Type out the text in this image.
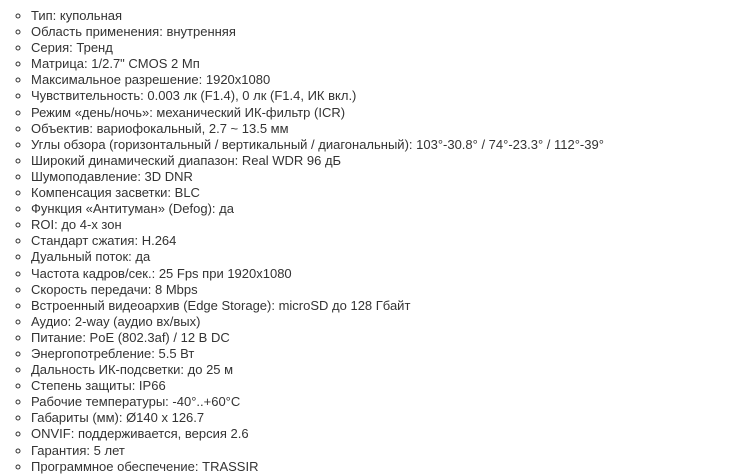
◦ Тип: купольная
◦ Область применения: внутренняя
◦ Серия: Тренд
◦ Матрица: 1/2.7" CMOS 2 Мп
◦ Максимальное разрешение: 1920x1080
◦ Чувствительность: 0.003 лк (F1.4), 0 лк (F1.4, ИК вкл.)
◦ Режим «день/ночь»: механический ИК-фильтр (ICR)
◦ Объектив: вариофокальный, 2.7 ~ 13.5 мм
◦ Углы обзора (горизонтальный / вертикальный / диагональный): 103°-30.8° / 74°-23.3° / 112°-39°
◦ Широкий динамический диапазон: Real WDR 96 дБ
◦ Шумоподавление: 3D DNR
◦ Компенсация засветки: BLC
◦ Функция «Антитуман» (Defog): да
◦ ROI: до 4-х зон
◦ Стандарт сжатия: H.264
◦ Дуальный поток: да
◦ Частота кадров/сек.: 25 Fps при 1920x1080
◦ Скорость передачи: 8 Mbps
◦ Встроенный видеоархив (Edge Storage): microSD до 128 Гбайт
◦ Аудио: 2-way (аудио вх/вых)
◦ Питание: PoE (802.3af) / 12 В DC
◦ Энергопотребление: 5.5 Вт
◦ Дальность ИК-подсветки: до 25 м
◦ Степень защиты: IP66
◦ Рабочие температуры: -40°..+60°C
◦ Габариты (мм): Ø140 x 126.7
◦ ONVIF: поддерживается, версия 2.6
◦ Гарантия: 5 лет
◦ Программное обеспечение: TRASSIR
